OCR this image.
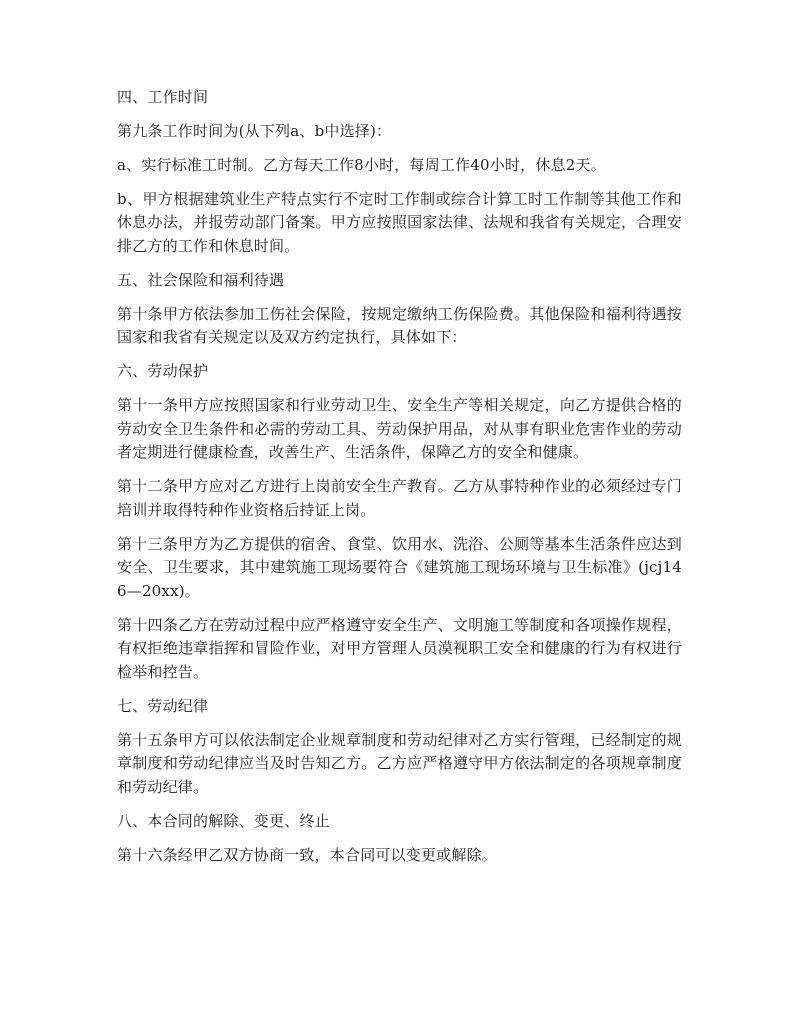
四、工作时间

第九条工作时间为(从下列a、b中选择)：

a、实行标准工时制。乙方每天工作8小时，每周工作40小时，休息2天。

b、甲方根据建筑业生产特点实行不定时工作制或综合计算工时工作制等其他工作和休息办法，并报劳动部门备案。甲方应按照国家法律、法规和我省有关规定，合理安排乙方的工作和休息时间。

五、社会保险和福利待遇

第十条甲方依法参加工伤社会保险，按规定缴纳工伤保险费。其他保险和福利待遇按国家和我省有关规定以及双方约定执行，具体如下：

六、劳动保护

第十一条甲方应按照国家和行业劳动卫生、安全生产等相关规定，向乙方提供合格的劳动安全卫生条件和必需的劳动工具、劳动保护用品，对从事有职业危害作业的劳动者定期进行健康检查，改善生产、生活条件，保障乙方的安全和健康。

第十二条甲方应对乙方进行上岗前安全生产教育。乙方从事特种作业的必须经过专门培训并取得特种作业资格后持证上岗。

第十三条甲方为乙方提供的宿舍、食堂、饮用水、洗浴、公厕等基本生活条件应达到安全、卫生要求，其中建筑施工现场要符合《建筑施工现场环境与卫生标准》(jcj146—20xx)。

第十四条乙方在劳动过程中应严格遵守安全生产、文明施工等制度和各项操作规程，有权拒绝违章指挥和冒险作业，对甲方管理人员漠视职工安全和健康的行为有权进行检举和控告。

七、劳动纪律

第十五条甲方可以依法制定企业规章制度和劳动纪律对乙方实行管理，已经制定的规章制度和劳动纪律应当及时告知乙方。乙方应严格遵守甲方依法制定的各项规章制度和劳动纪律。

八、本合同的解除、变更、终止

第十六条经甲乙双方协商一致，本合同可以变更或解除。
